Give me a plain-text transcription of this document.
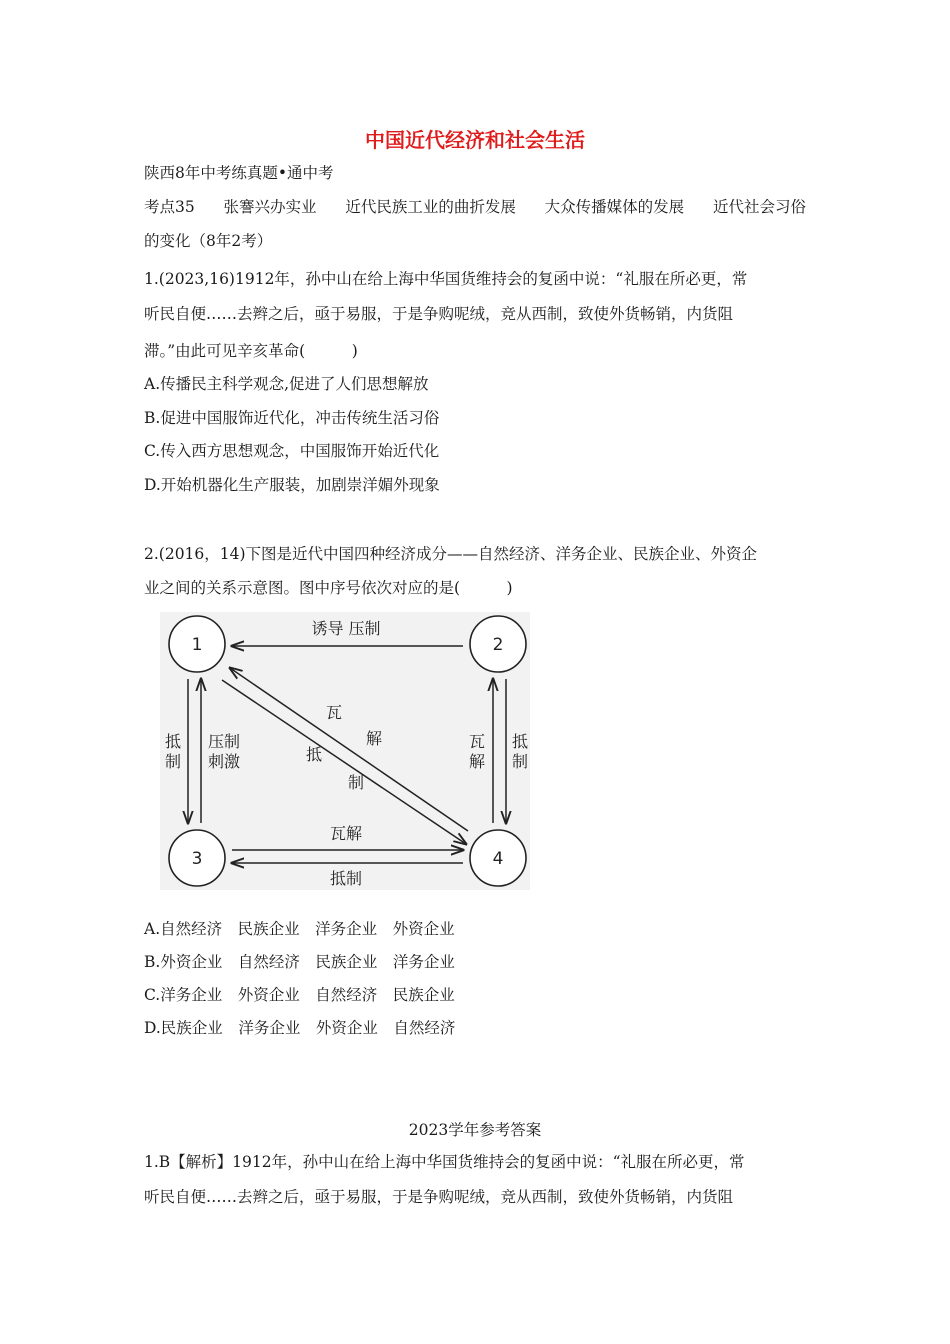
中国近代经济和社会生活
陕西8年中考练真题•通中考
考点35 张謇兴办实业 近代民族工业的曲折发展 大众传播媒体的发展 近代社会习俗
的变化（8年2考）
1.(2023,16)1912年，孙中山在给上海中华国货维持会的复函中说：“礼服在所必更，常
听民自便……去辫之后，亟于易服，于是争购呢绒，竞从西制，致使外货畅销，内货阻
滞。”由此可见辛亥革命(　　　)
A.传播民主科学观念,促进了人们思想解放
B.促进中国服饰近代化，冲击传统生活习俗
C.传入西方思想观念，中国服饰开始近代化
D.开始机器化生产服装，加剧崇洋媚外现象
2.(2016，14)下图是近代中国四种经济成分——自然经济、洋务企业、民族企业、外资企
业之间的关系示意图。图中序号依次对应的是(　　　)
1	2
3	4
诱导 压制
抵
制
压制
刺激
瓦
解
抵
制
瓦
解
抵
制
瓦解
抵制
A.自然经济  民族企业  洋务企业  外资企业
B.外资企业  自然经济  民族企业  洋务企业
C.洋务企业  外资企业  自然经济  民族企业
D.民族企业  洋务企业  外资企业  自然经济
2023学年参考答案
1.B【解析】1912年，孙中山在给上海中华国货维持会的复函中说：“礼服在所必更，常
听民自便……去辫之后，亟于易服，于是争购呢绒，竞从西制，致使外货畅销，内货阻
